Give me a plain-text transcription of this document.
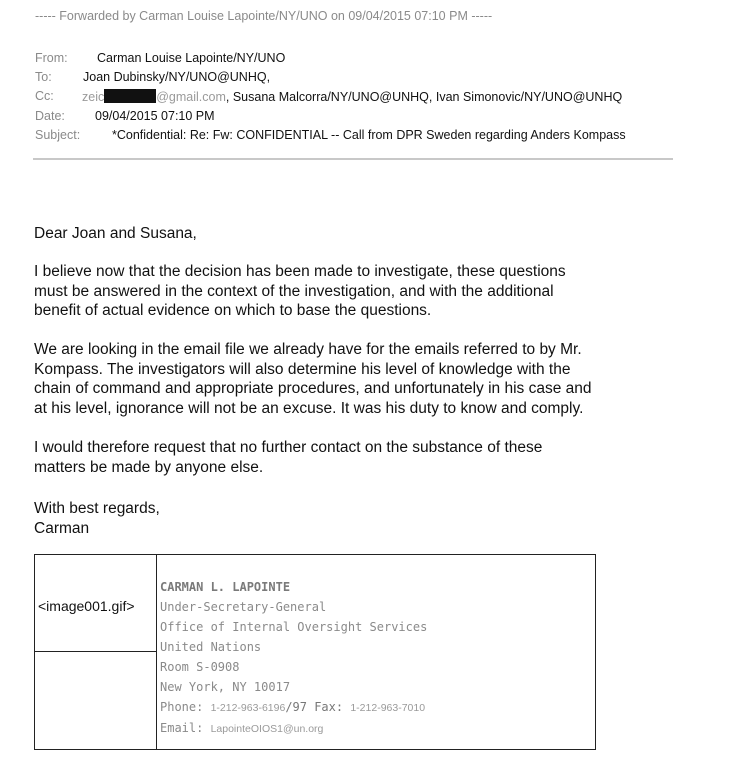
----- Forwarded by Carman Louise Lapointe/NY/UNO on 09/04/2015 07:10 PM -----
From: Carman Louise Lapointe/NY/UNO
To:	Joan Dubinsky/NY/UNO@UNHQ,
Cc: zeic	@gmail.com, Susana Malcorra/NY/UNO@UNHQ, Ivan Simonovic/NY/UNO@UNHQ
Date: 09/04/2015 07:10 PM
Subject:	*Confidential: Re: Fw: CONFIDENTIAL -- Call from DPR Sweden regarding Anders Kompass
Dear Joan and Susana,
I believe now that the decision has been made to investigate, these questions
must be answered in the context of the investigation, and with the additional
benefit of actual evidence on which to base the questions.
We are looking in the email file we already have for the emails referred to by Mr.
Kompass. The investigators will also determine his level of knowledge with the
chain of command and appropriate procedures, and unfortunately in his case and
at his level, ignorance will not be an excuse. It was his duty to know and comply.
I would therefore request that no further contact on the substance of these
matters be made by anyone else.
With best regards,
Carman
<image001.gif>
CARMAN L. LAPOINTE
Under-Secretary-General
Office of Internal Oversight Services
United Nations
Room S-0908
New York, NY 10017
Phone: 1-212-963-6196/97 Fax: 1-212-963-7010
Email: LapointeOIOS1@un.org
